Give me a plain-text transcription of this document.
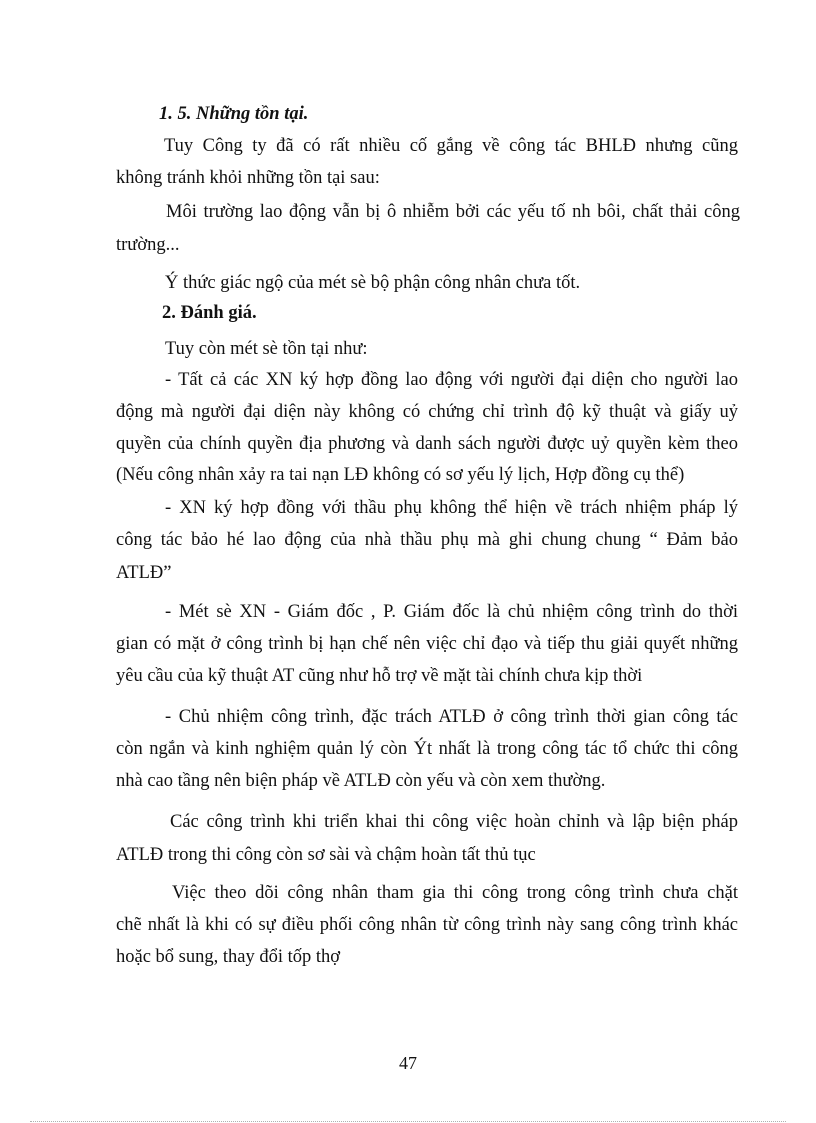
1. 5. Những tồn tại.
Tuy Công ty đã có rất nhiều cố gắng về công tác BHLĐ nhưng cũng
không tránh khỏi những tồn tại sau:
Môi trường lao động vẫn bị ô nhiễm bởi các yếu tố nh bôi, chất thải công
trường...
Ý thức giác ngộ của mét sè bộ phận công nhân chưa tốt.
2. Đánh giá.
Tuy còn mét sè tồn tại như:
- Tất cả các XN ký hợp đồng lao động với người đại diện cho người lao
động mà người đại diện này không có chứng chỉ trình độ kỹ thuật và giấy uỷ
quyền của chính quyền địa phương và danh sách người được uỷ quyền kèm theo
(Nếu công nhân xảy ra tai nạn LĐ không có sơ yếu lý lịch, Hợp đồng cụ thể)
- XN ký hợp đồng với thầu phụ không thể hiện về trách nhiệm pháp lý
công tác bảo hé lao động của nhà thầu phụ mà ghi chung chung “ Đảm bảo
ATLĐ”
- Mét sè XN - Giám đốc , P. Giám đốc là chủ nhiệm công trình do thời
gian có mặt ở công trình bị hạn chế nên việc chỉ đạo và tiếp thu giải quyết những
yêu cầu của kỹ thuật AT cũng như hỗ trợ về mặt tài chính chưa kịp thời
- Chủ nhiệm công trình, đặc trách ATLĐ ở công trình thời gian công tác
còn ngắn và kinh nghiệm quản lý còn Ýt nhất là trong công tác tổ chức thi công
nhà cao tầng nên biện pháp về ATLĐ còn yếu và còn xem thường.
Các công trình khi triển khai thi công việc hoàn chỉnh và lập biện pháp
ATLĐ trong thi công còn sơ sài và chậm hoàn tất thủ tục
Việc theo dõi công nhân tham gia thi công trong công trình chưa chặt
chẽ nhất là khi có sự điều phối công nhân từ công trình này sang công trình khác
hoặc bổ sung, thay đổi tốp thợ
47
